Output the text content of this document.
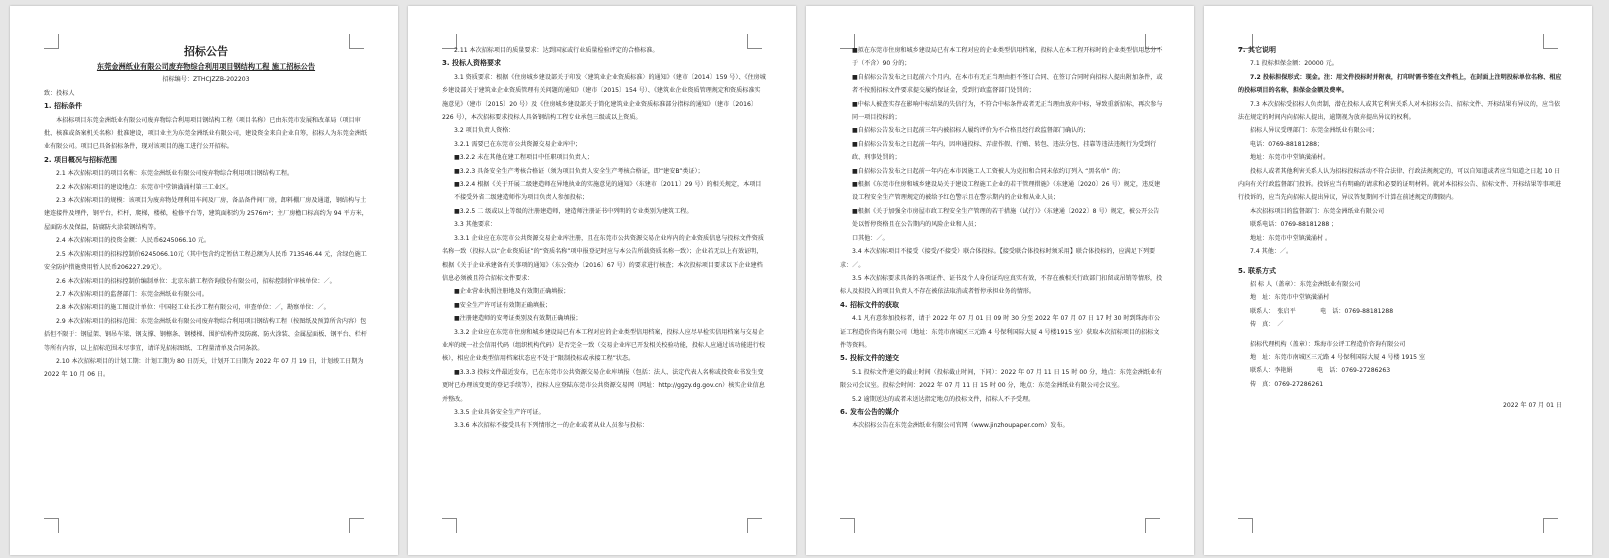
招标公告

东莞金洲纸业有限公司废弃物综合利用项目钢结构工程 施工招标公告

招标编号：ZTHCJZZB-202203

致：投标人

1. 招标条件

本招标项目东莞金洲纸业有限公司废弃物综合利用项目钢结构工程（项目名称）已由东莞市发展和改革局（项目审批、核准或备案机关名称）批准建设，项目业主为东莞金洲纸业有限公司，建设资金来自企业自筹，招标人为东莞金洲纸业有限公司。项目已具备招标条件，现对该项目的施工进行公开招标。

2. 项目概况与招标范围

2.1 本次招标项目的项目名称：东莞金洲纸业有限公司废弃物综合利用项目钢结构工程。

2.2 本次招标项目的建设地点：东莞市中堂镇潢涌村第三工业区。

2.3 本次招标项目的规模：该项目为废弃物处理利用车间及厂房，备品备件间厂房，卸料棚厂房及通道，钢结构与土建连接件及埋件，钢平台，栏杆，爬梯，楼梯，检修平台等，建筑面积约为 2576m²；主厂房檐口标高约为 94 平方米，屋面防水及保温，防腐防火涂装钢结构等。

2.4 本次招标项目的投资金额：人民币6245066.10 元。

2.5 本次招标项目的招标控制价6245066.10元（其中包含约定暂估工程总额为人民币 713546.44 元，含绿色施工安全防护措施费用暂人民币206227.29元）。

2.6 本次招标项目的招标控制价编制单位：北京东薪工程咨询股份有限公司，招标控制价审核单位：／。

2.7 本次招标项目的监督部门：东莞金洲纸业有限公司。

2.8 本次招标项目的施工图设计单位：中国轻工业长沙工程有限公司，审查单位：／，勘察单位：／。

2.9 本次招标项目的招标范围：东莞金洲纸业有限公司废弃物综合利用项目钢结构工程（按图纸及预算所含内容）包括但不限于：钢屋架、钢吊车梁、钢支撑、钢檩条、钢楼梯、围护结构件及防腐、防火涂装、金属屋面板、钢平台、栏杆等所有内容，以上招标范围未尽事宜，请详见招标图纸、工程量清单及合同条款。

2.10 本次招标项目的计划工期：计划工期为 80 日历天，计划开工日期为 2022 年 07 月 19 日，计划竣工日期为 2022 年 10 月 06 日。

2.11 本次招标项目的质量要求：达到国家或行业质量检验评定的合格标准。

3. 投标人资格要求

3.1 资质要求：根据《住房城乡建设部关于印发〈建筑业企业资质标准〉的通知》（建市〔2014〕159 号）、《住房城乡建设部关于建筑业企业资质管理有关问题的通知》（建市〔2015〕154 号）、《建筑业企业资质管理规定和资质标准实施意见》（建市〔2015〕20 号）及《住房城乡建设部关于简化建筑业企业资质标准部分指标的通知》（建市〔2016〕226 号），本次招标要求投标人具备钢结构工程专业承包三级或以上资质。

3.2 项目负责人资格：

3.2.1 需要已在东莞市公共资源交易企业库中；

■3.2.2 未在其他在建工程项目中任职项目负责人；

■3.2.3 具备安全生产考核合格证（须为项目负责人安全生产考核合格证，即“建安B”类证）；

■3.2.4 根据《关于开展二级建造师在异地执业的实施意见的通知》（东建市〔2011〕29 号）的相关规定，本项目不接受外省二级建造师作为项目负责人参加投标；

■3.2.5 二 级或以上等级的注册建造师，建造师注册证书中列明的专业类别为建筑工程。

3.3 其他要求：

3.3.1 企业应在东莞市公共资源交易企业库注册，且在东莞市公共资源交易企业库内的企业资质信息与投标文件资质名称一致（投标人以“企业资质证”的“资质名称”项申报登记时应与本公告所载资质名称一致）；企业若无以上有效证明，根据《关于企业承建备有关事项的通知》（东公资办〔2016〕67 号）的要求进行核查；本次投标项目要求以下企业建档信息必须被且符合招标文件要求：

■企业营业执照注册地及有效期正确填报；

■安全生产许可证有效期正确填报；

■注册建造师的安考证类别及有效期正确填报；

3.3.2 企业应在东莞市住房和城乡建设局已有本工程对应的企业类型信用档案，投标人应尽早检实信用档案与交易企业库的统一社会信用代码（组织机构代码）是否完全一致（交易企业库已开发相关校验功能，投标人应通过该功能进行校核），相应企业类型信用档案状态应不处于“限制投标或承接工程”状态。

■3.3.3 投标文件最近发布，已在东莞市公共资源交易企业库填报（包括：法人、法定代表人名称或投资业书发生变更时已办理该变更的登记手续等），投标人应登陆东莞市公共资源交易网（网址：http://ggzy.dg.gov.cn）核实企业信息并整改。

3.3.5 企业具备安全生产许可证。

3.3.6 本次招标不接受具有下列情形之一的企业或者从业人员参与投标：

■拟在东莞市住房和城乡建设局已有本工程对应的企业类型信用档案，投标人在本工程开标时的企业类型信用总分不于（不含）90 分的；

■自招标公告发布之日起前六个月内，在本市有无正当理由拒不签订合同、在签订合同时向招标人提出附加条件，或者不按照招标文件要求提交履约保证金，受到行政监督部门处罚的；

■中标人被查实存在影响中标结果的失信行为，不符合中标条件或者无正当理由放弃中标，导致重新招标，再次参与同一项目投标的；

■自招标公告发布之日起前三年内被招标人履约评价为不合格且经行政监督部门确认的；

■自招标公告发布之日起前一年内，因串通投标、弄虚作假、行贿、转包、违法分包、挂靠等违法违规行为受到行政、刑事处罚的；

■自招标公告发布之日起前一年内在本市因施工人工资被人为克扣和合同未依约订列入 “黑名单” 的；

■根据《东莞市住房和城乡建设局关于建设工程施工企业的若干管理措施》（东建通〔2020〕26 号）规定，违反建设工程安全生产管理规定的被给予红色警示且在警示期内的企业和从业人员；

■根据《关于加强全市房屋市政工程安全生产管理的若干措施（试行）》（东建通〔2022〕8 号）规定，被公开公告处以暂停资格且在公告期内的风险企业和人员；

口其他：／。

3.4 本次招标项目不接受（接受/不接受）联合体投标。【接受联合体投标时须采用】联合体投标的，应满足下列要求：／。

3.5 本次招标要求具备的各项证件、证书及个人身份证均应真实有效，不存在被相关行政部门扣留或吊销等情形，投标人及拟投入的项目负责人不存在被依法取消或者暂停承担业务的情形。

4. 招标文件的获取

4.1 凡有意参加投标者，请于 2022 年 07 月 01 日 09 时 30 分至 2022 年 07 月 07 日 17 时 30 时到珠海市公证工程造价咨询有限公司（地址：东莞市南城区三元路 4 号保利国际大厦 4 号楼1915 室）获取本次招标项目的招标文件等资料。

5. 投标文件的递交

5.1 投标文件递交的截止时间（投标截止时间，下同）：2022 年 07 月 11 日 15 时 00 分，地点：东莞金洲纸业有限公司会议室。投标会时间：2022 年 07 月 11 日 15 时 00 分，地点：东莞金洲纸业有限公司会议室。

5.2 逾期送达的或者未送达指定地点的投标文件，招标人不予受理。

6. 发布公告的媒介

本次招标公告在东莞金洲纸业有限公司官网（www.jinzhoupaper.com）发布。

7. 其它说明

7.1 投标担保金额：20000 元。

7.2 投标担保形式：现金。注：用文件投标时并附表，打印时需书签在文件档上，在封面上注明投标单位名称、相应的投标项目的名称，担保金金额及费率。

7.3 本次招标受招标人负责制，潜在投标人或其它利害关系人对本招标公告、招标文件、开标结果有异议的，应当依法在规定的时间内向招标人提出，逾期视为放弃提出异议的权利。

招标人异议受理部门：东莞金洲纸业有限公司；

电话：0769-88181288；

地址：东莞市中堂镇潢涌村。

投标人或者其他利害关系人认为招标投标活动不符合法律、行政法规规定的，可以自知道或者应当知道之日起 10 日内向有关行政监督部门投诉。投诉应当有明确的请求和必要的证明材料。就对本招标公告、招标文件、开标结果等事项进行投诉的，应当先向招标人提出异议，异议答复期间不计算在前述规定的期限内。

本次招标项目的监督部门：东莞金洲纸业有限公司

联系电话：0769-88181288 ；

地址：东莞市中堂镇潢涌村 。

7.4 其他：／。

5. 联系方式

招 标 人（盖章）：东莞金洲纸业有限公司

地　址：东莞市中堂镇潢涌村

联系人：　张启平　　　　电　话：0769-88181288

传　真：　／

招标代理机构（盖章）：珠海市公评工程造价咨询有限公司

地　址：东莞市南城区三元路 4 号保利国际大厦 4 号楼 1915 室

联系人：李艳娟　　　　电　话：0769-27286263

传　真：0769-27286261

2022 年 07 月 01 日
